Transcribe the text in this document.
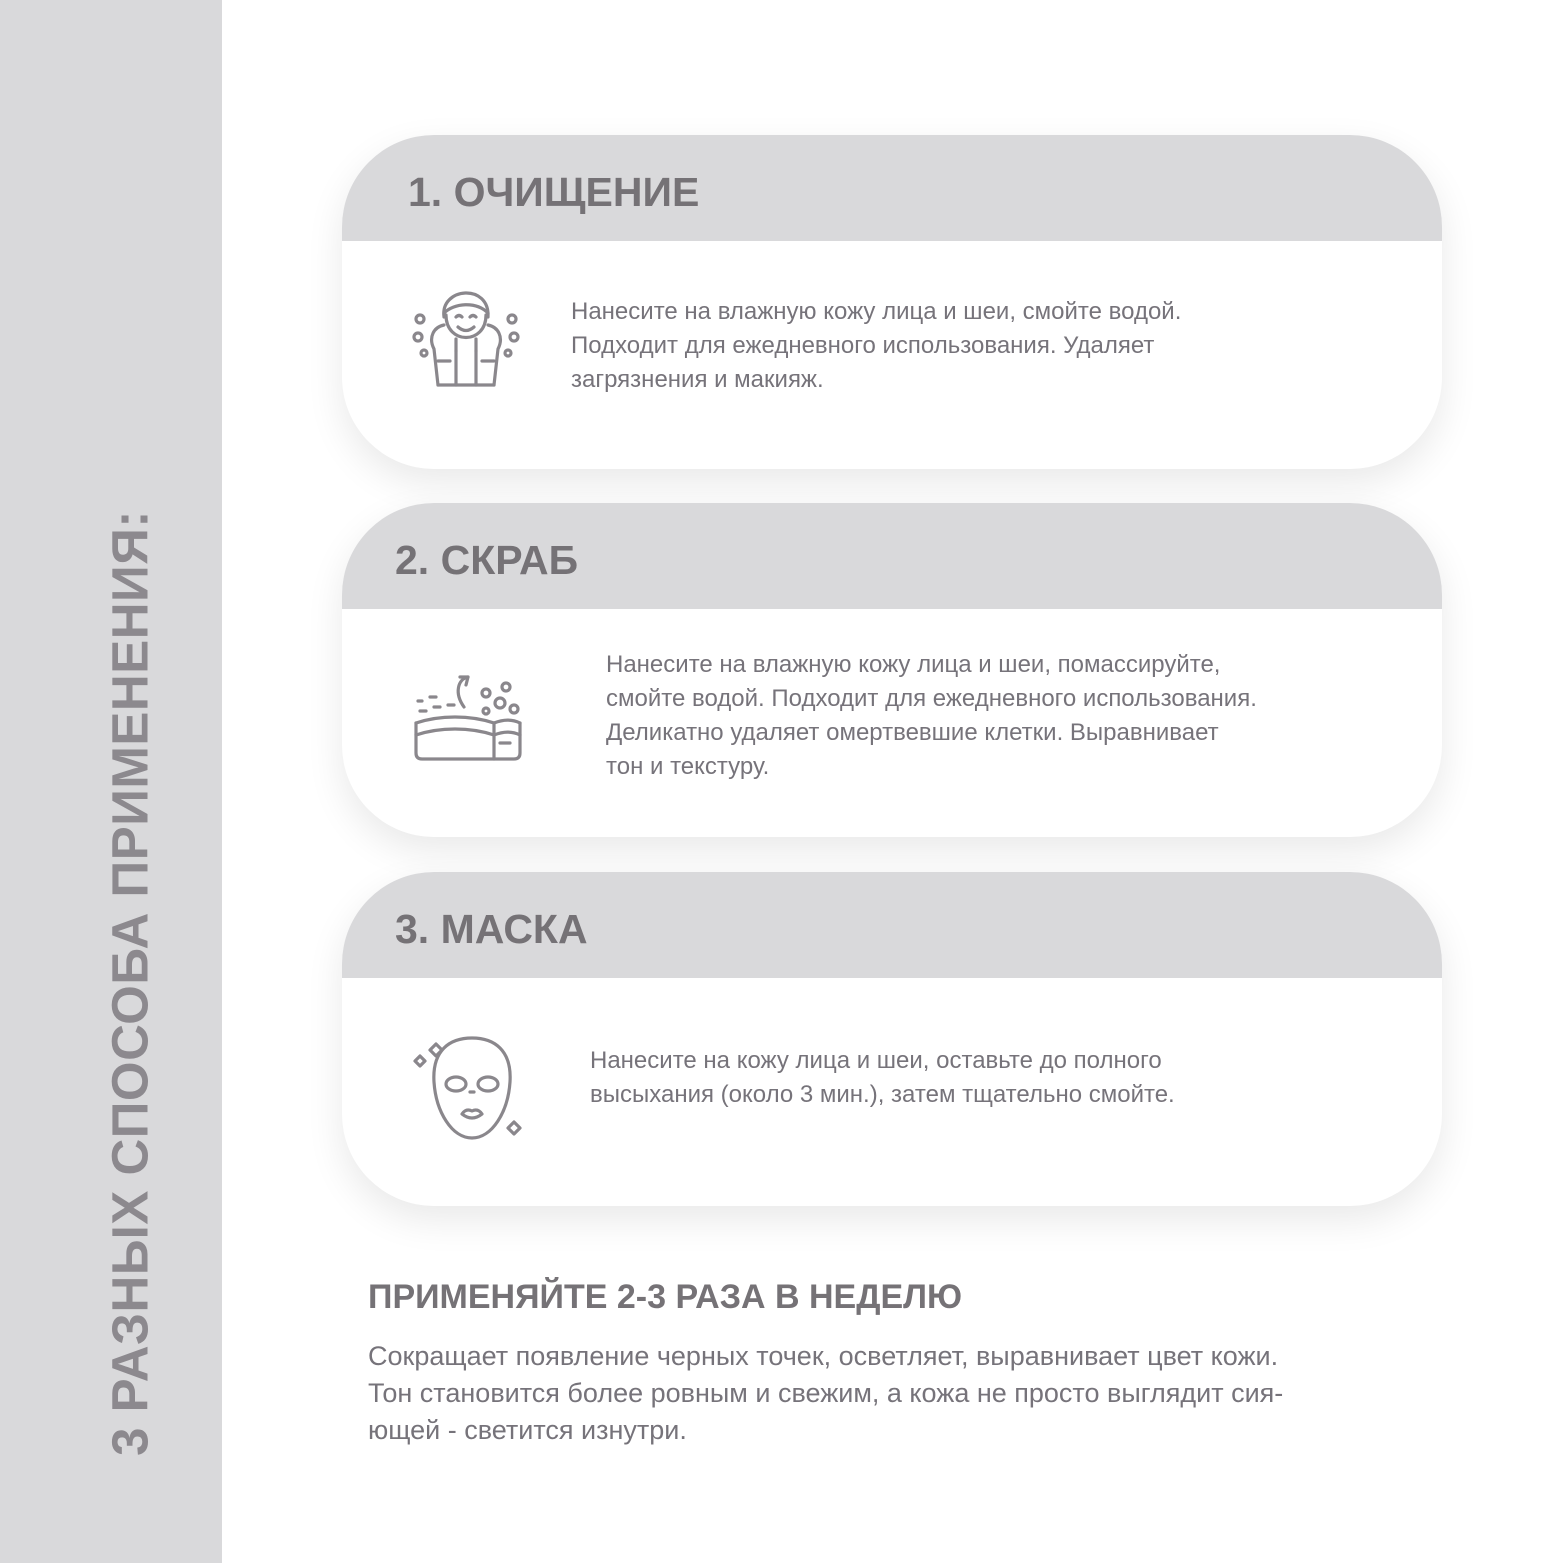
3 РАЗНЫХ СПОСОБА ПРИМЕНЕНИЯ:
1. ОЧИЩЕНИЕ
Нанесите на влажную кожу лица и шеи, смойте водой.
Подходит для ежедневного использования. Удаляет
загрязнения и макияж.
2. СКРАБ
Нанесите на влажную кожу лица и шеи, помассируйте,
смойте водой. Подходит для ежедневного использования.
Деликатно удаляет омертвевшие клетки. Выравнивает
тон и текстуру.
3. МАСКА
Нанесите на кожу лица и шеи, оставьте до полного
высыхания (около 3 мин.), затем тщательно смойте.
ПРИМЕНЯЙТЕ 2-3 РАЗА В НЕДЕЛЮ
Сокращает появление черных точек, осветляет, выравнивает цвет кожи.
Тон становится более ровным и свежим, а кожа не просто выглядит сия-
ющей - светится изнутри.
